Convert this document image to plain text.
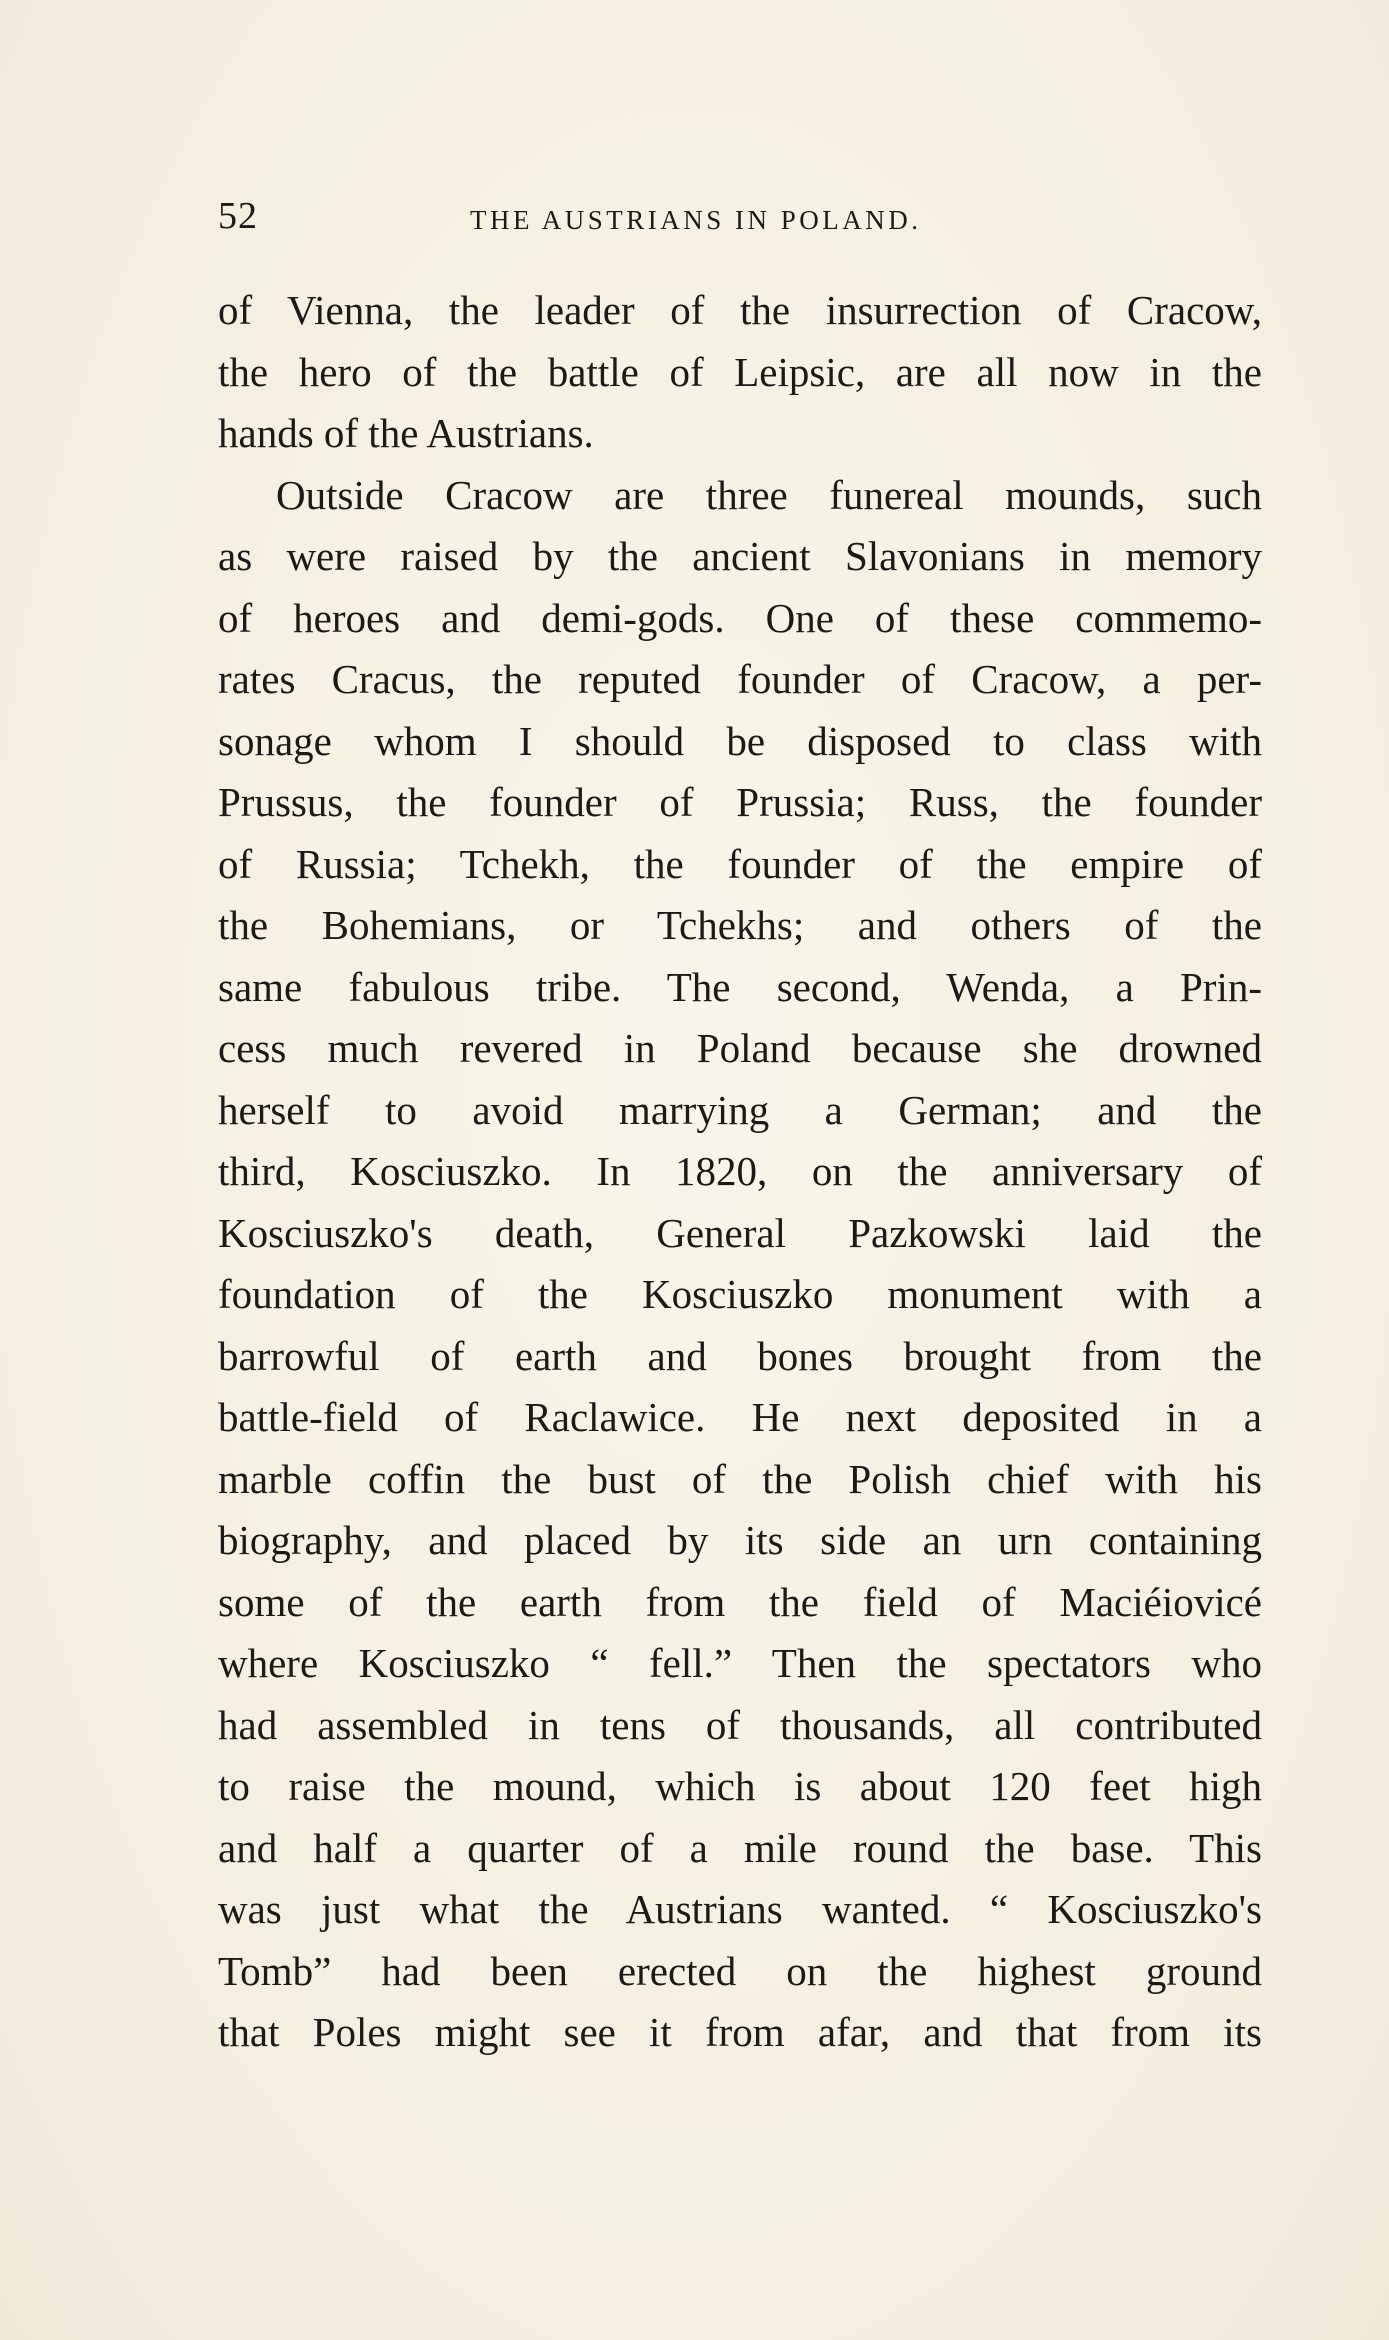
52	THE AUSTRIANS IN POLAND.
of Vienna, the leader of the insurrection of Cracow,
the hero of the battle of Leipsic, are all now in the
hands of the Austrians.
Outside Cracow are three funereal mounds, such
as were raised by the ancient Slavonians in memory
of heroes and demi-gods. One of these commemo-
rates Cracus, the reputed founder of Cracow, a per-
sonage whom I should be disposed to class with
Prussus, the founder of Prussia; Russ, the founder
of Russia; Tchekh, the founder of the empire of
the Bohemians, or Tchekhs; and others of the
same fabulous tribe. The second, Wenda, a Prin-
cess much revered in Poland because she drowned
herself to avoid marrying a German; and the
third, Kosciuszko. In 1820, on the anniversary of
Kosciuszko's death, General Pazkowski laid the
foundation of the Kosciuszko monument with a
barrowful of earth and bones brought from the
battle-field of Raclawice. He next deposited in a
marble coffin the bust of the Polish chief with his
biography, and placed by its side an urn containing
some of the earth from the field of Maciéiovicé
where Kosciuszko “ fell.” Then the spectators who
had assembled in tens of thousands, all contributed
to raise the mound, which is about 120 feet high
and half a quarter of a mile round the base. This
was just what the Austrians wanted. “ Kosciuszko's
Tomb” had been erected on the highest ground
that Poles might see it from afar, and that from its
